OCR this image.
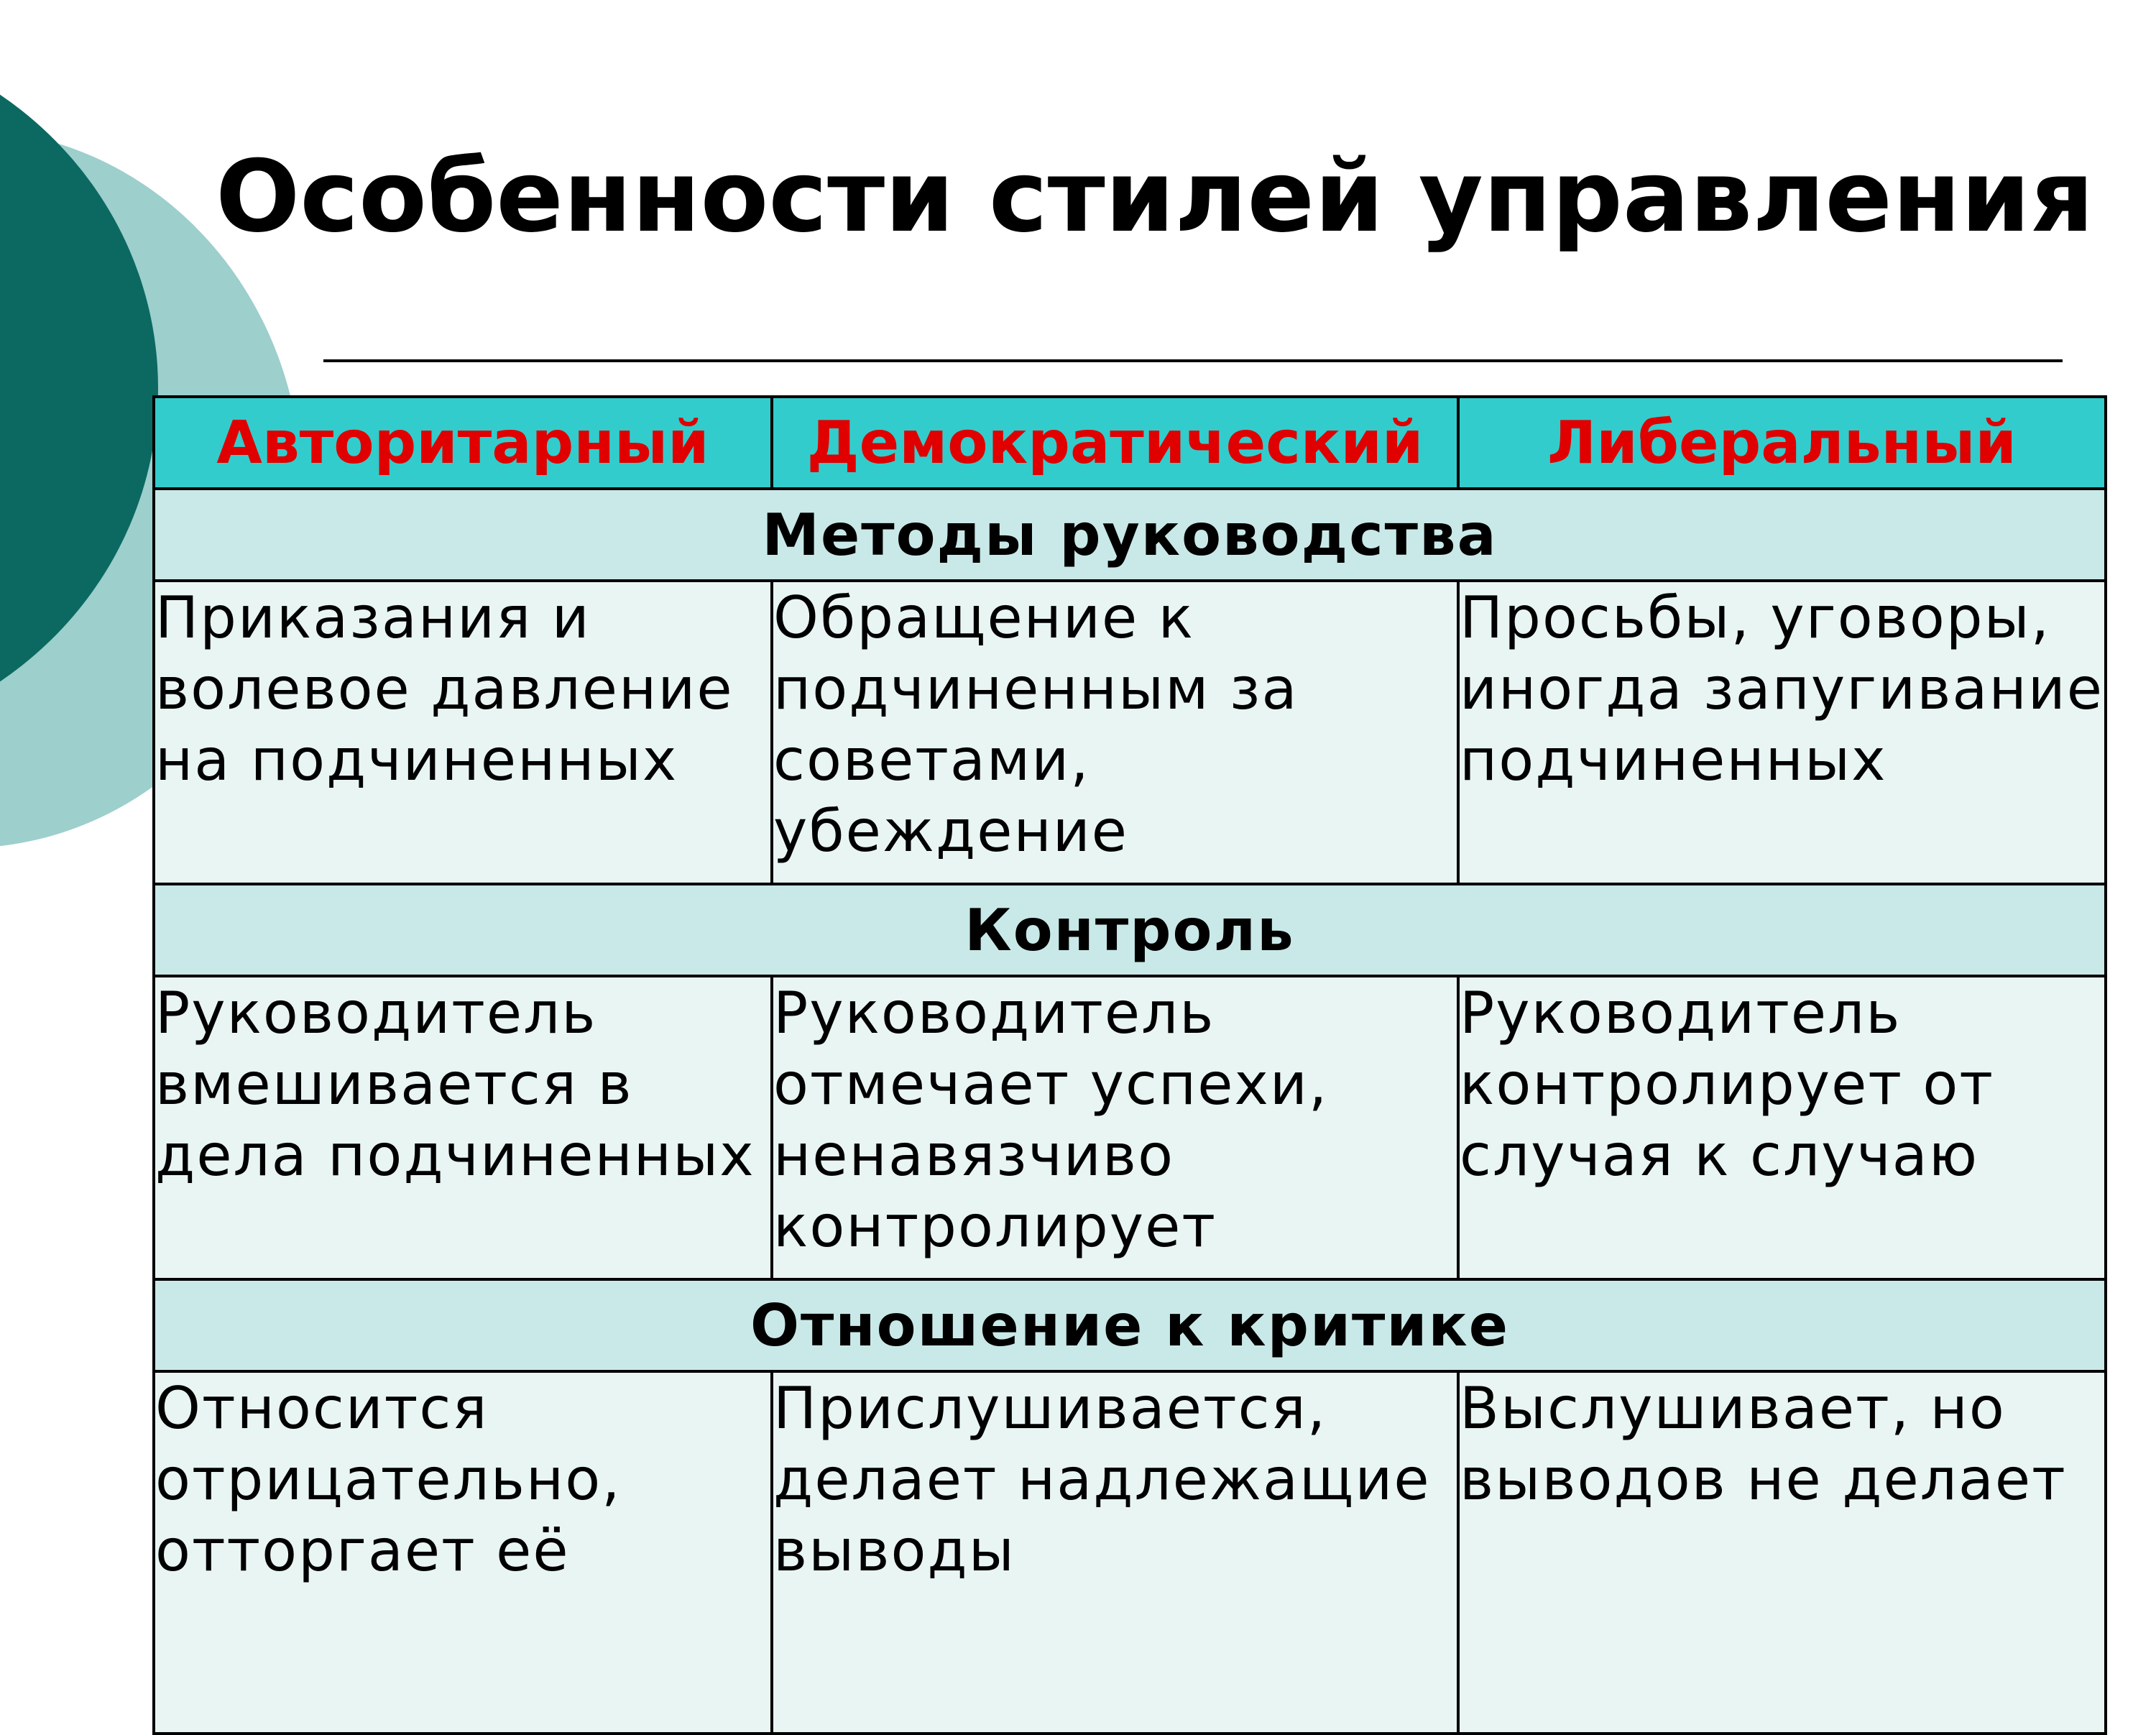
Особенности стилей управления
Авторитарный	Демократический	Либеральный
Методы руководства		
Приказания и волевое давление на подчиненных	Обращение к подчиненным за советами, убеждение	Просьбы, уговоры, иногда запугивание подчиненных
Контроль		
Руководитель вмешивается в дела подчиненных	Руководитель отмечает успехи, ненавязчиво контролирует	Руководитель контролирует от случая к случаю
Отношение к критике		
Относится отрицательно, отторгает её	Прислушивается, делает надлежащие выводы	Выслушивает, но выводов не делает
